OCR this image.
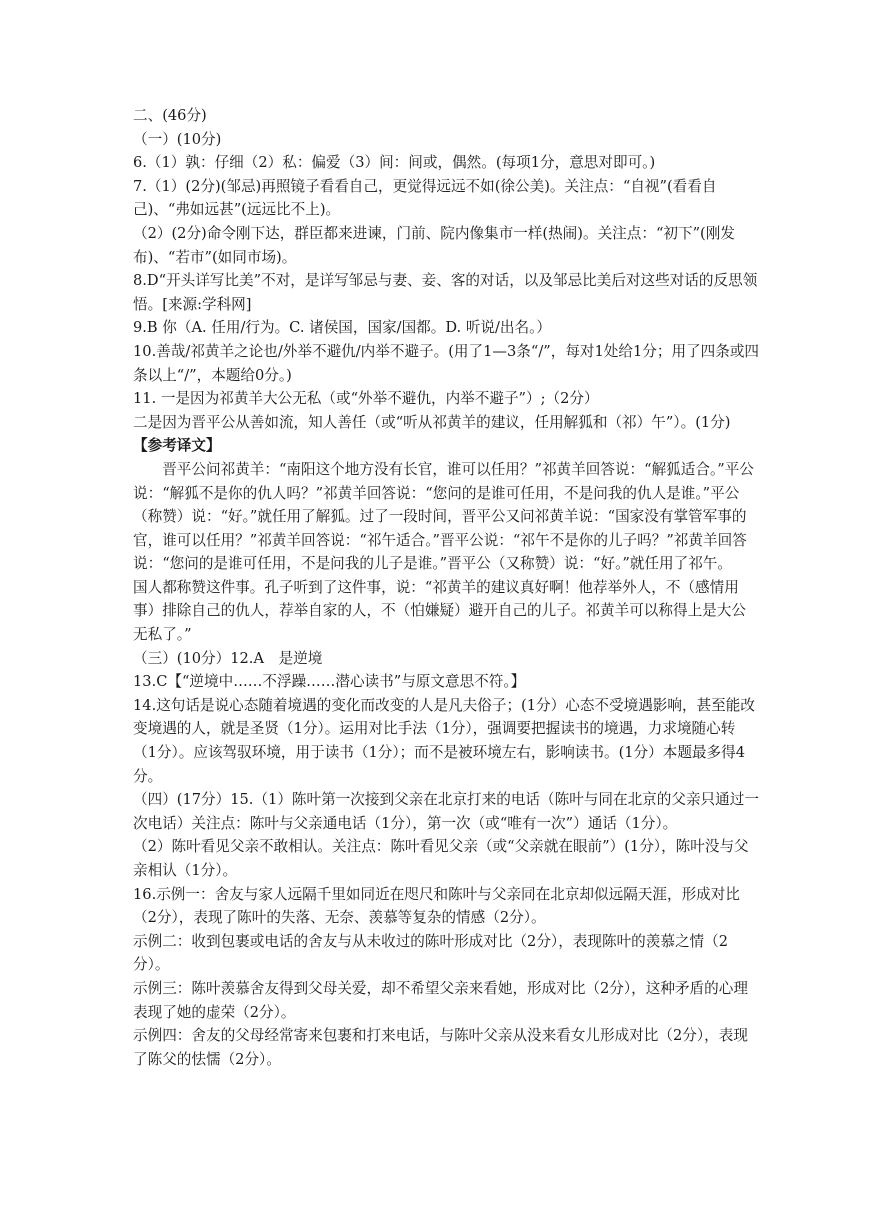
二、(46分)

（一）(10分)

6.（1）孰：仔细（2）私：偏爱（3）间：间或，偶然。(每项1分，意思对即可。)

7.（1）(2分)(邹忌)再照镜子看看自己，更觉得远远不如(徐公美)。关注点：“自视”(看看自己)、“弗如远甚”(远远比不上)。

（2）(2分)命令刚下达，群臣都来进谏，门前、院内像集市一样(热闹)。关注点：“初下”(刚发布)、“若市”(如同市场)。

8.D“开头详写比美”不对，是详写邹忌与妻、妾、客的对话，以及邹忌比美后对这些对话的反思领悟。[来源:学科网]

9.B 你（A. 任用/行为。C. 诸侯国，国家/国都。D. 听说/出名。）

10.善哉/祁黄羊之论也/外举不避仇/内举不避子。(用了1—3条“/”，每对1处给1分；用了四条或四条以上“/”，本题给0分。)

11. 一是因为祁黄羊大公无私（或“外举不避仇，内举不避子”）;（2分）

二是因为晋平公从善如流，知人善任（或“听从祁黄羊的建议，任用解狐和（祁）午”）。(1分)

【参考译文】

晋平公问祁黄羊：“南阳这个地方没有长官，谁可以任用？”祁黄羊回答说：“解狐适合。”平公说：“解狐不是你的仇人吗？”祁黄羊回答说：“您问的是谁可任用，不是问我的仇人是谁。”平公（称赞）说：“好。”就任用了解狐。过了一段时间，晋平公又问祁黄羊说：“国家没有掌管军事的官，谁可以任用？”祁黄羊回答说：“祁午适合。”晋平公说：“祁午不是你的儿子吗？”祁黄羊回答说：“您问的是谁可任用，不是问我的儿子是谁。”晋平公（又称赞）说：“好。”就任用了祁午。

国人都称赞这件事。孔子听到了这件事，说：“祁黄羊的建议真好啊！他荐举外人，不（感情用事）排除自己的仇人，荐举自家的人，不（怕嫌疑）避开自己的儿子。祁黄羊可以称得上是大公无私了。”

（三）(10分）12.A　是逆境

13.C【“逆境中……不浮躁……潜心读书”与原文意思不符。】

14.这句话是说心态随着境遇的变化而改变的人是凡夫俗子；(1分）心态不受境遇影响，甚至能改变境遇的人，就是圣贤（1分）。运用对比手法（1分），强调要把握读书的境遇，力求境随心转（1分）。应该驾驭环境，用于读书（1分）；而不是被环境左右，影响读书。(1分）本题最多得4分。

（四）(17分）15.（1）陈叶第一次接到父亲在北京打来的电话（陈叶与同在北京的父亲只通过一次电话）关注点：陈叶与父亲通电话（1分），第一次（或“唯有一次”）通话（1分）。

（2）陈叶看见父亲不敢相认。关注点：陈叶看见父亲（或“父亲就在眼前”）(1分），陈叶没与父亲相认（1分）。

16.示例一：舍友与家人远隔千里如同近在咫尺和陈叶与父亲同在北京却似远隔天涯，形成对比（2分），表现了陈叶的失落、无奈、羡慕等复杂的情感（2分）。

示例二：收到包裹或电话的舍友与从未收过的陈叶形成对比（2分），表现陈叶的羡慕之情（2分）。

示例三：陈叶羡慕舍友得到父母关爱，却不希望父亲来看她，形成对比（2分），这种矛盾的心理表现了她的虚荣（2分）。

示例四：舍友的父母经常寄来包裹和打来电话，与陈叶父亲从没来看女儿形成对比（2分），表现了陈父的怯懦（2分）。
